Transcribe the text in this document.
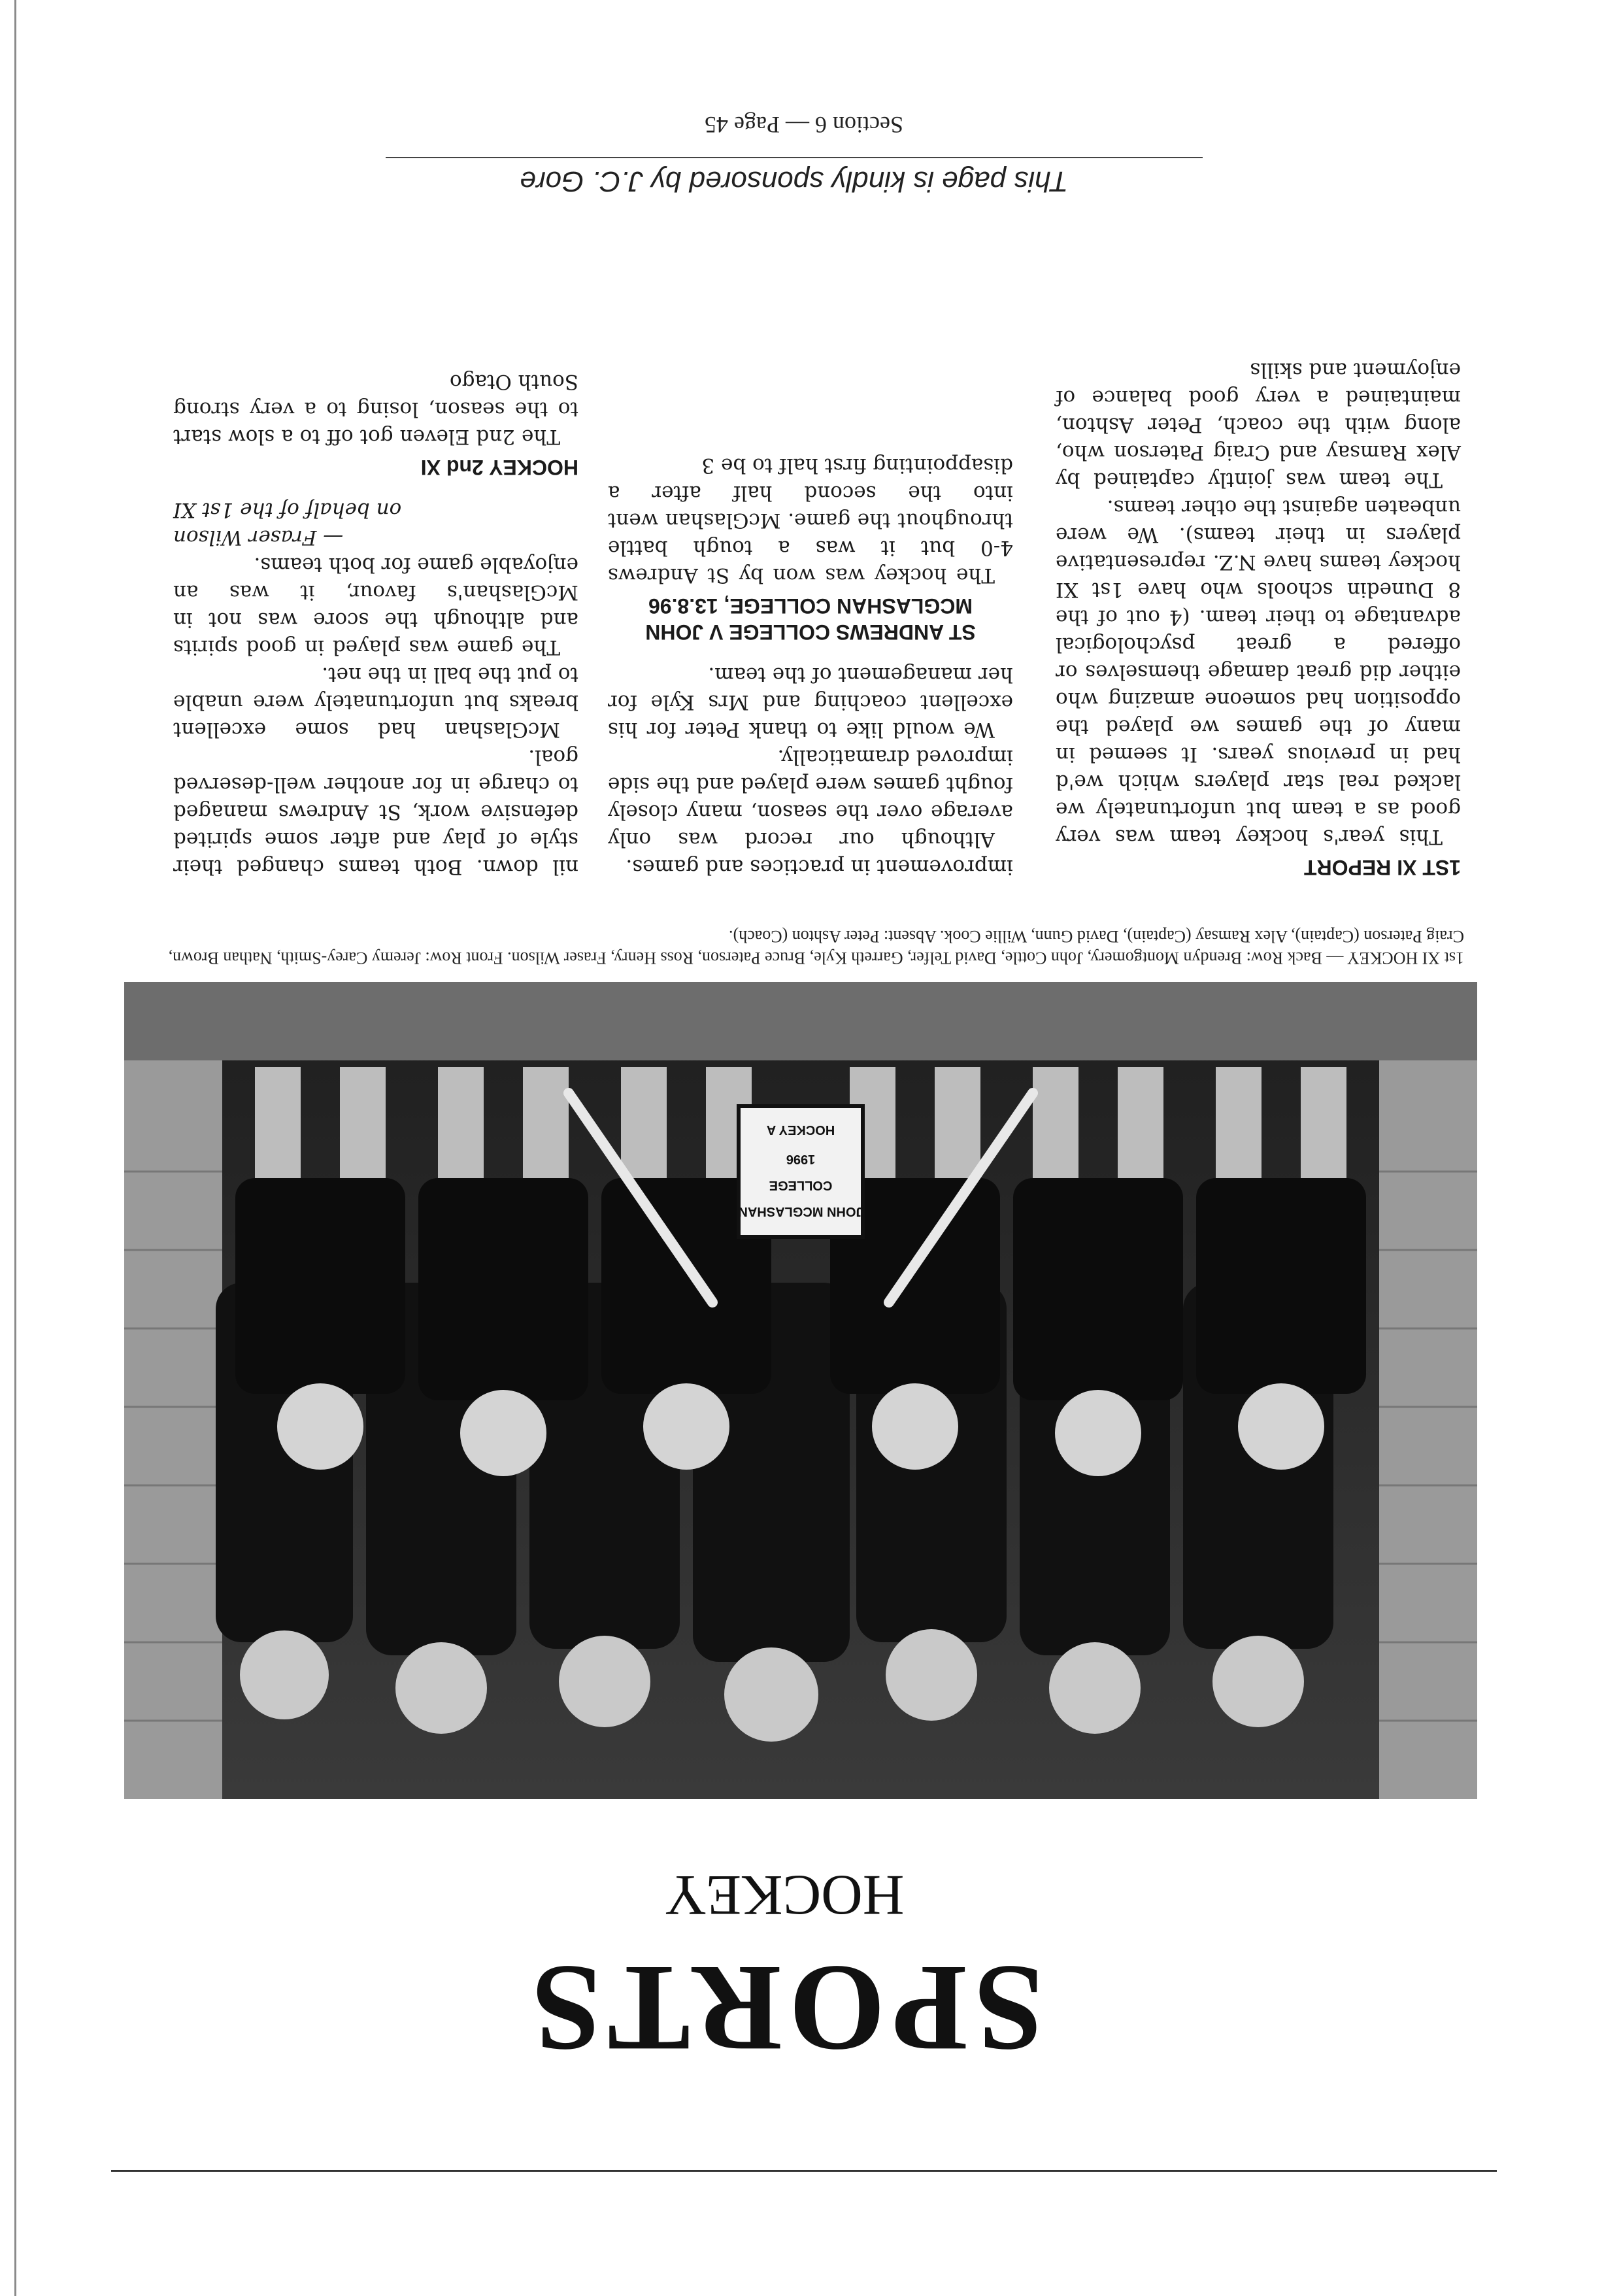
SPORTS
HOCKEY
JOHN MCGLASHAN
COLLEGE
1996
HOCKEY A
1st XI HOCKEY — Back Row: Brendyn Montgomery, John Cottle, David Telfer, Garreth Kyle, Bruce Paterson, Ross Henry, Fraser Wilson. Front Row: Jeremy Carey-Smith, Nathan Brown, Craig Paterson (Captain), Alex Ramsay (Captain), David Gunn, Willie Cook. Absent: Peter Ashton (Coach).

1ST XI REPORT

This year's hockey team was very good as a team but unfortunately we lacked real star players which we'd had in previous years. It seemed in many of the games we played the opposition had someone amazing who either did great damage themselves or offered a great psychological advantage to their team. (4 out of the 8 Dunedin schools who have 1st XI hockey teams have N.Z. representative players in their teams). We were unbeaten against the other teams.

The team was jointly captained by Alex Ramsay and Craig Paterson who, along with the coach, Peter Ashton, maintained a very good balance of enjoyment and skills

improvement in practices and games.

Although our record was only average over the season, many closely fought games were played and the side improved dramatically.

We would like to thank Peter for his excellent coaching and Mrs Kyle for her management of the team.

ST ANDREWS COLLEGE V JOHN MCGLASHAN COLLEGE, 13.8.96

The hockey was won by St Andrews 4-0 but it was a tough battle throughout the game. McGlashan went into the second half after a disappointing first half to be 3

nil down. Both teams changed their style of play and after some spirited defensive work, St Andrews managed to charge in for another well-deserved goal.

McGlashan had some excellent breaks but unfortunately were unable to put the ball in the net.

The game was played in good spirits and although the score was not in McGlashan's favour, it was an enjoyable game for both teams.

— Fraser Wilson

on behalf of the 1st XI

HOCKEY 2nd XI

The 2nd Eleven got off to a slow start to the season, losing to a very strong South Otago

This page is kindly sponsored by J.C. Gore
Section 6 — Page 45
